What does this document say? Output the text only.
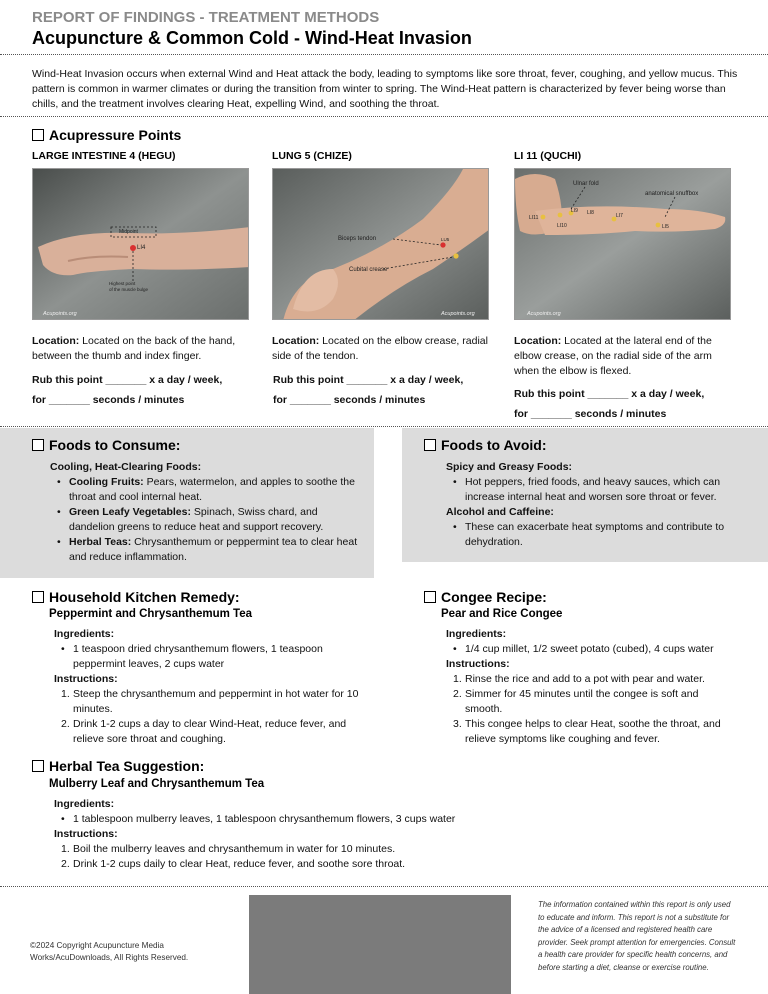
REPORT OF FINDINGS - TREATMENT METHODS
Acupuncture & Common Cold - Wind-Heat Invasion
Wind-Heat Invasion occurs when external Wind and Heat attack the body, leading to symptoms like sore throat, fever, coughing, and yellow mucus. This pattern is common in warmer climates or during the transition from winter to spring. The Wind-Heat pattern is characterized by fever being worse than chills, and the treatment involves clearing Heat, expelling Wind, and soothing the throat.
Acupressure Points
LARGE INTESTINE 4 (HEGU)
Midpoint
LI4
Highest point
of the muscle bulge
Acupoints.org
Location: Located on the back of the hand, between the thumb and index finger.
Rub this point _______ x a day / week,
for _______ seconds / minutes
LUNG 5 (CHIZE)
Biceps tendon	LU5
Cubital crease
Acupoints.org
Location: Located on the elbow crease, radial side of the tendon.
Rub this point _______ x a day / week,
for _______ seconds / minutes
LI 11 (QUCHI)
Ulnar fold
anatomical snuffbox
LI9 LI8	LI7
LI11
LI10	LI5
Acupoints.org
Location: Located at the lateral end of the elbow crease, on the radial side of the arm when the elbow is flexed.
Rub this point _______ x a day / week,
for _______ seconds / minutes
Foods to Consume:
Cooling, Heat-Clearing Foods:
• Cooling Fruits: Pears, watermelon, and apples to soothe the throat and cool internal heat.
• Green Leafy Vegetables: Spinach, Swiss chard, and dandelion greens to reduce heat and support recovery.
• Herbal Teas: Chrysanthemum or peppermint tea to clear heat and reduce inflammation.
Foods to Avoid:
Spicy and Greasy Foods:
• Hot peppers, fried foods, and heavy sauces, which can increase internal heat and worsen sore throat or fever.
Alcohol and Caffeine:
• These can exacerbate heat symptoms and contribute to dehydration.
Household Kitchen Remedy:
Peppermint and Chrysanthemum Tea
Ingredients:
• 1 teaspoon dried chrysanthemum flowers, 1 teaspoon peppermint leaves, 2 cups water
Instructions:
1. Steep the chrysanthemum and peppermint in hot water for 10 minutes.
2. Drink 1-2 cups a day to clear Wind-Heat, reduce fever, and relieve sore throat and coughing.
Congee Recipe:
Pear and Rice Congee
Ingredients:
• 1/4 cup millet, 1/2 sweet potato (cubed), 4 cups water
Instructions:
1. Rinse the rice and add to a pot with pear and water.
2. Simmer for 45 minutes until the congee is soft and smooth.
3. This congee helps to clear Heat, soothe the throat, and relieve symptoms like coughing and fever.
Herbal Tea Suggestion:
Mulberry Leaf and Chrysanthemum Tea
Ingredients:
• 1 tablespoon mulberry leaves, 1 tablespoon chrysanthemum flowers, 3 cups water
Instructions:
1. Boil the mulberry leaves and chrysanthemum in water for 10 minutes.
2. Drink 1-2 cups daily to clear Heat, reduce fever, and soothe sore throat.
©2024 Copyright Acupuncture Media Works/AcuDownloads, All Rights Reserved.
The information contained within this report is only used to educate and inform. This report is not a substitute for the advice of a licensed and registered health care provider. Seek prompt attention for emergencies. Consult a health care provider for specific health concerns, and before starting a diet, cleanse or exercise routine.
